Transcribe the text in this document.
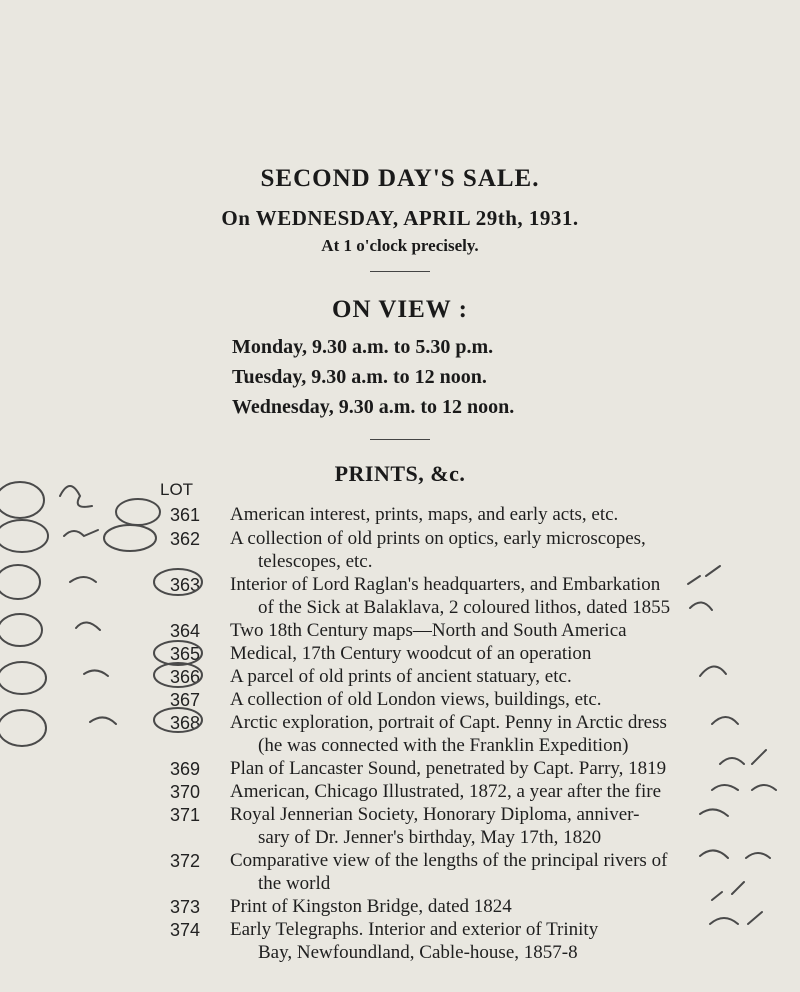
SECOND DAY'S SALE.
On WEDNESDAY, APRIL 29th, 1931.
At 1 o'clock precisely.
ON VIEW :
Monday, 9.30 a.m. to 5.30 p.m.
Tuesday, 9.30 a.m. to 12 noon.
Wednesday, 9.30 a.m. to 12 noon.
PRINTS, &c.
LOT
361 American interest, prints, maps, and early acts, etc.
362 A collection of old prints on optics, early microscopes,
telescopes, etc.
363 Interior of Lord Raglan's headquarters, and Embarkation
of the Sick at Balaklava, 2 coloured lithos, dated 1855
364 Two 18th Century maps—North and South America
365 Medical, 17th Century woodcut of an operation
366 A parcel of old prints of ancient statuary, etc.
367 A collection of old London views, buildings, etc.
368 Arctic exploration, portrait of Capt. Penny in Arctic dress
(he was connected with the Franklin Expedition)
369 Plan of Lancaster Sound, penetrated by Capt. Parry, 1819
370 American, Chicago Illustrated, 1872, a year after the fire
371 Royal Jennerian Society, Honorary Diploma, anniver-
sary of Dr. Jenner's birthday, May 17th, 1820
372 Comparative view of the lengths of the principal rivers of
the world
373 Print of Kingston Bridge, dated 1824
374 Early Telegraphs. Interior and exterior of Trinity
Bay, Newfoundland, Cable-house, 1857-8
